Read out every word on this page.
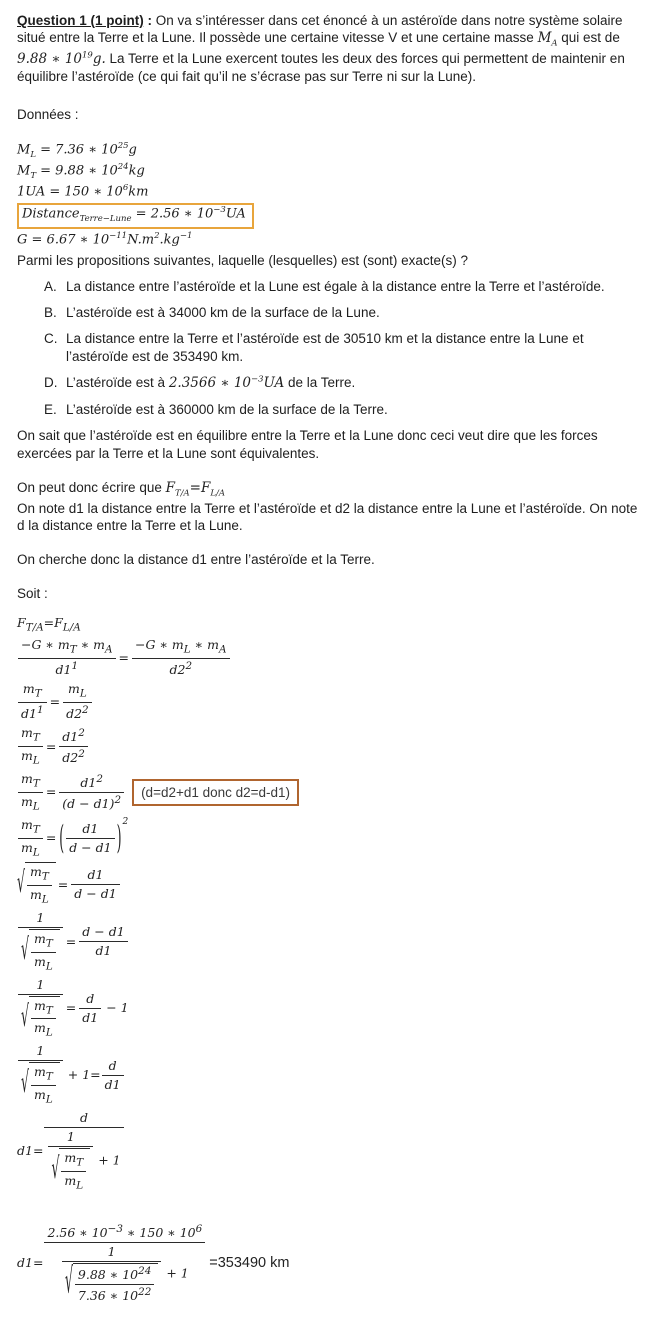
Question 1 (1 point) : On va s’intéresser dans cet énoncé à un astéroïde dans notre système solaire situé entre la Terre et la Lune. Il possède une certaine vitesse V et une certaine masse $M_A$ qui est de 9.88 ∗ $10^{19}g$. La Terre et la Lune exercent toutes les deux des forces qui permettent de maintenir en équilibre l’astéroïde (ce qui fait qu’il ne s’écrase pas sur Terre ni sur la Lune).

Données :

$M_L = 7.36$ ∗ $10^{25}g$
$M_T = 9.88$ ∗ $10^{24}kg$
1UA = 150 ∗ $10^6km$
Distance$_{Terre-Lune}$ = 2.56 ∗ $10^{-3}UA$
G = 6.67 ∗ $10^{-11}N.m^2.kg^{-1}$

Parmi les propositions suivantes, laquelle (lesquelles) est (sont) exacte(s) ?

A. La distance entre l’astéroïde et la Lune est égale à la distance entre la Terre et l’astéroïde.
B. L’astéroïde est à 34000 km de la surface de la Lune.
C. La distance entre la Terre et l’astéroïde est de 30510 km et la distance entre la Lune et l’astéroïde est de 353490 km.
D. L’astéroïde est à 2.3566 ∗ $10^{-3}UA$ de la Terre.
E. L’astéroïde est à 360000 km de la surface de la Terre.

On sait que l’astéroïde est en équilibre entre la Terre et la Lune donc ceci veut dire que les forces exercées par la Terre et la Lune sont équivalentes.

On peut donc écrire que $F_{T/A}=F_{L/A}$

On note d1 la distance entre la Terre et l’astéroïde et d2 la distance entre la Lune et l’astéroïde. On note d la distance entre la Terre et la Lune.

On cherche donc la distance d1 entre l’astéroïde et la Terre.

Soit :

$F_{T/A}=F_{L/A}$
$\frac{-G ∗ m_T ∗ m_A}{d1^1} = \frac{-G ∗ m_L ∗ m_A}{d2^2}$
$\frac{m_T}{d1^1} = \frac{m_L}{d2^2}$
$\frac{m_T}{m_L} = \frac{d1^2}{d2^2}$
$\frac{m_T}{m_L} = \frac{d1^2}{(d - d1)^2}$	(d=d2+d1 donc d2=d-d1)
$\frac{m_T}{m_L}$ = ( $\frac{d1}{d - d1} )^2$
√ $\frac{m_T}{m_L} = \frac{d1}{d - d1}$
$\frac{1}{√ \frac{m_T}{m_L}} = \frac{d - d1}{d1}$
$\frac{1}{√ \frac{m_T}{m_L}} = \frac{d}{d1} - 1$
$\frac{1}{√ \frac{m_T}{m_L}} + 1= \frac{d}{d1}$
$d1= \frac{d}{\frac{1}{√ \frac{m_T}{m_L}} + 1}$
$d1= \frac{2.56 ∗ 10^{-3} ∗ 150 ∗ 10^6}{\frac{1}{√ \frac{9.88 ∗ 10^{24}}{7.36 ∗ 10^{22}}} + 1} =353490$ km
